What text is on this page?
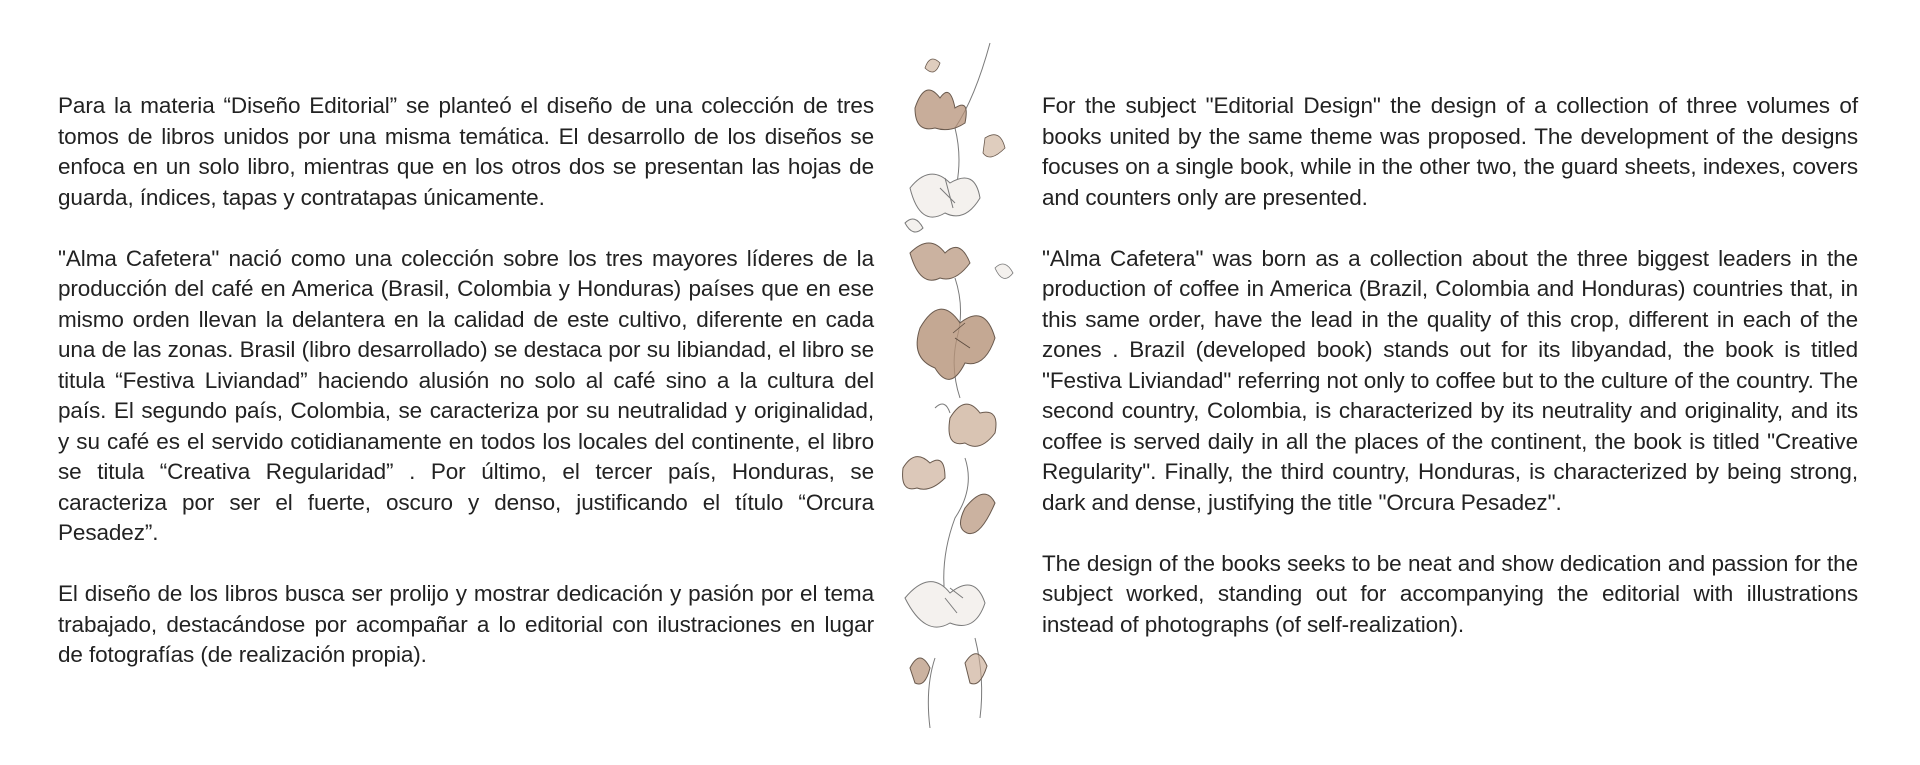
Para la materia “Diseño Editorial” se planteó el diseño de una colección de tres tomos de libros unidos por una misma temática. El desarrollo de los diseños se enfoca en un solo libro, mientras que en los otros dos se presentan las hojas de guarda, índices, tapas y contratapas únicamente.

"Alma Cafetera" nació como una colección sobre los tres mayores líderes de la producción del café en America (Brasil, Colombia y Honduras) países que en ese mismo orden llevan la delantera en la calidad de este cultivo, diferente en cada una de las zonas. Brasil (libro desarrollado) se destaca por su libiandad, el libro se titula “Festiva Liviandad” haciendo alusión no solo al café sino a la cultura del país. El segundo país, Colombia, se caracteriza por su neutralidad y originalidad, y su café es el servido cotidianamente en todos los locales del continente, el libro se titula “Creativa Regularidad” . Por último, el tercer país, Honduras, se caracteriza por ser el fuerte, oscuro y denso, justificando el título “Orcura Pesadez”.

El diseño de los libros busca ser prolijo y mostrar dedicación y pasión por el tema trabajado, destacándose por acompañar a lo editorial con ilustraciones en lugar de fotografías (de realización propia).

For the subject "Editorial Design" the design of a collection of three volumes of books united by the same theme was proposed. The development of the designs focuses on a single book, while in the other two, the guard sheets, indexes, covers and counters only are presented.

"Alma Cafetera" was born as a collection about the three biggest leaders in the production of coffee in America (Brazil, Colombia and Honduras) countries that, in this same order, have the lead in the quality of this crop, different in each of the zones . Brazil (developed book) stands out for its libyandad, the book is titled "Festiva Liviandad" referring not only to coffee but to the culture of the country. The second country, Colombia, is characterized by its neutrality and originality, and its coffee is served daily in all the places of the continent, the book is titled "Creative Regularity". Finally, the third country, Honduras, is characterized by being strong, dark and dense, justifying the title "Orcura Pesadez".

The design of the books seeks to be neat and show dedication and passion for the subject worked, standing out for accompanying the editorial with illustrations instead of photographs (of self-realization).
